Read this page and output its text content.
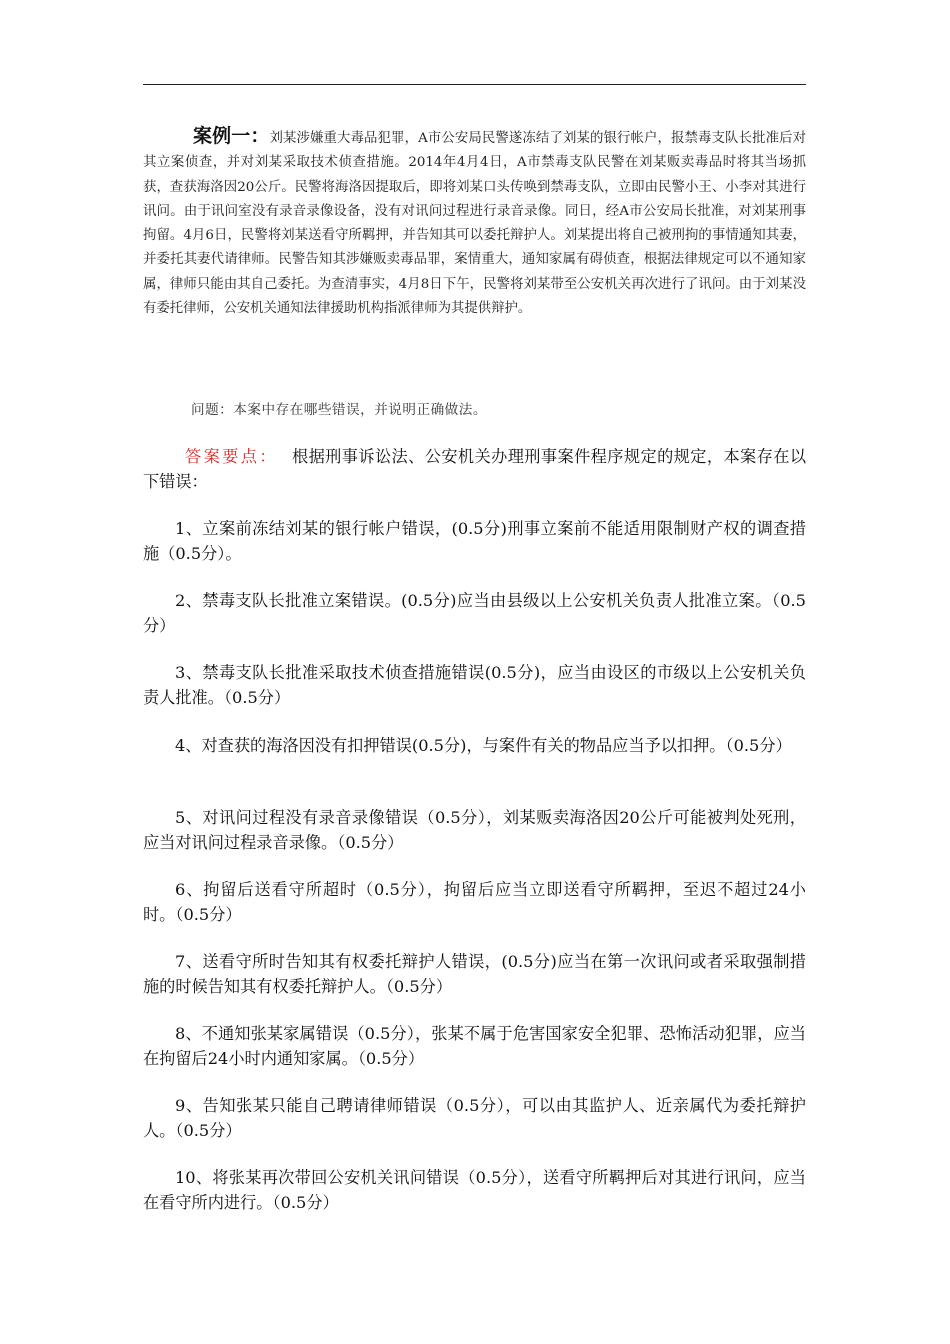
案例一：刘某涉嫌重大毒品犯罪，A市公安局民警遂冻结了刘某的银行帐户，报禁毒支队长批准后对其立案侦查，并对刘某采取技术侦查措施。2014年4月4日，A市禁毒支队民警在刘某贩卖毒品时将其当场抓获，查获海洛因20公斤。民警将海洛因提取后，即将刘某口头传唤到禁毒支队，立即由民警小王、小李对其进行讯问。由于讯问室没有录音录像设备，没有对讯问过程进行录音录像。同日，经A市公安局长批准，对刘某刑事拘留。4月6日，民警将刘某送看守所羁押，并告知其可以委托辩护人。刘某提出将自己被刑拘的事情通知其妻，并委托其妻代请律师。民警告知其涉嫌贩卖毒品罪，案情重大，通知家属有碍侦查，根据法律规定可以不通知家属，律师只能由其自己委托。为查清事实，4月8日下午，民警将刘某带至公安机关再次进行了讯问。由于刘某没有委托律师，公安机关通知法律援助机构指派律师为其提供辩护。

问题：本案中存在哪些错误，并说明正确做法。

答案要点： 根据刑事诉讼法、公安机关办理刑事案件程序规定的规定，本案存在以下错误：

1、立案前冻结刘某的银行帐户错误，(0.5分)刑事立案前不能适用限制财产权的调查措施（0.5分）。

2、禁毒支队长批准立案错误。(0.5分)应当由县级以上公安机关负责人批准立案。（0.5分）

3、禁毒支队长批准采取技术侦查措施错误(0.5分)，应当由设区的市级以上公安机关负责人批准。（0.5分）

4、对查获的海洛因没有扣押错误(0.5分)，与案件有关的物品应当予以扣押。（0.5分）

5、对讯问过程没有录音录像错误（0.5分），刘某贩卖海洛因20公斤可能被判处死刑，应当对讯问过程录音录像。（0.5分）

6、拘留后送看守所超时（0.5分），拘留后应当立即送看守所羁押，至迟不超过24小时。（0.5分）

7、送看守所时告知其有权委托辩护人错误，(0.5分)应当在第一次讯问或者采取强制措施的时候告知其有权委托辩护人。（0.5分）

8、不通知张某家属错误（0.5分），张某不属于危害国家安全犯罪、恐怖活动犯罪，应当在拘留后24小时内通知家属。（0.5分）

9、告知张某只能自己聘请律师错误（0.5分），可以由其监护人、近亲属代为委托辩护人。（0.5分）

10、将张某再次带回公安机关讯问错误（0.5分），送看守所羁押后对其进行讯问，应当在看守所内进行。（0.5分）
